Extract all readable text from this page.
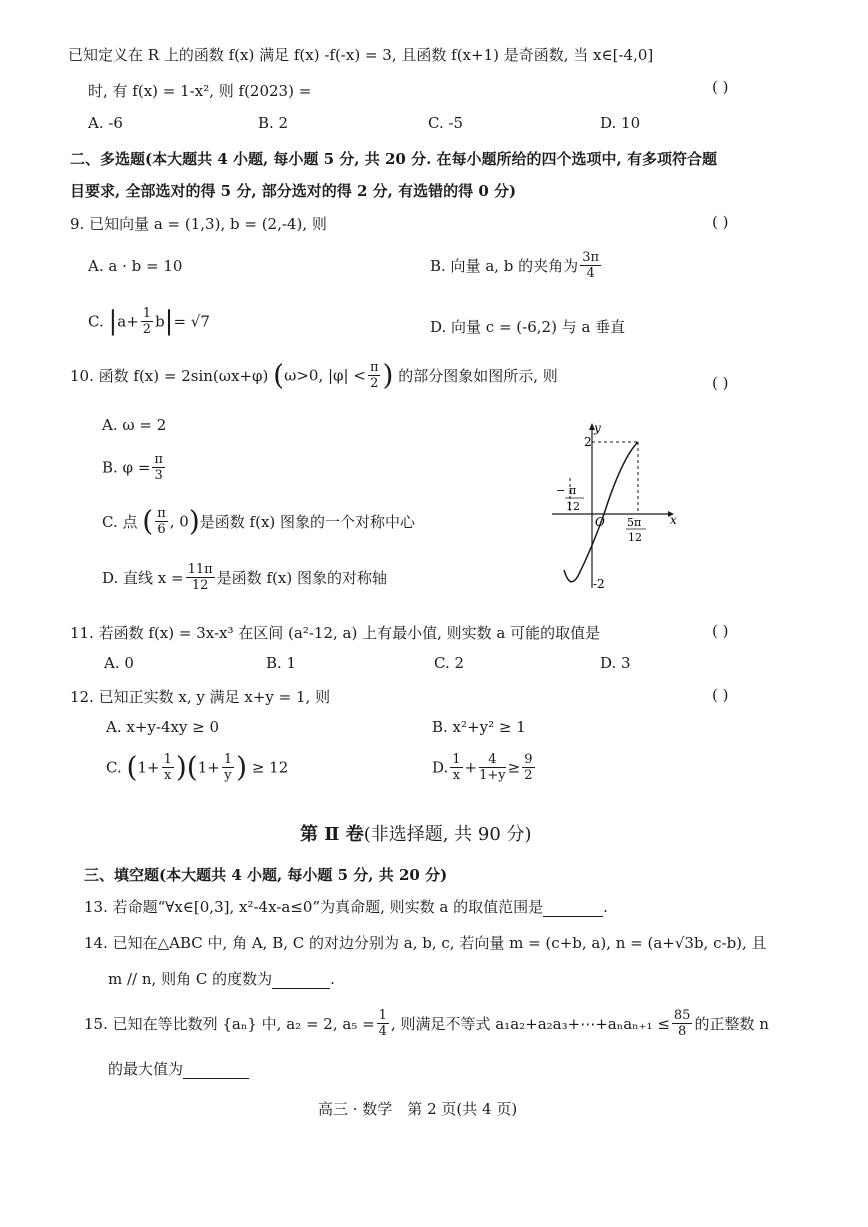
已知定义在 R 上的函数 f(x) 满足 f(x) -f(-x) = 3, 且函数 f(x+1) 是奇函数, 当 x∈[-4,0]
( )
时, 有 f(x) = 1-x², 则 f(2023) =
A. -6	B. 2	C. -5	D. 10
二、多选题(本大题共 4 小题, 每小题 5 分, 共 20 分. 在每小题所给的四个选项中, 有多项符合题
目要求, 全部选对的得 5 分, 部分选对的得 2 分, 有选错的得 0 分)
9. 已知向量 a = (1,3), b = (2,-4), 则	( )
A. a · b = 10	B. 向量 a, b 的夹角为 $\frac{3\pi}{4}$
C. $|a+ \frac{1}{2} b|= √7$	D. 向量 c = (-6,2) 与 a 垂直
10. 函数 f(x) = 2sin(ωx+φ) (ω>0, $|\varphi| < \frac{\pi}{2}$ ) 的部分图象如图所示, 则	( )
A. ω = 2
B. $\varphi = \frac{\pi}{3}$
C. 点 ( $\frac{\pi}{6}$ , 0)是函数 f(x) 图象的一个对称中心
D. 直线 $x = \frac{11\pi}{12}$ 是函数 f(x) 图象的对称轴
y
x
2
-2
O
− π
12
5π
12
11. 若函数 f(x) = 3x-x³ 在区间 (a²-12, a) 上有最小值, 则实数 a 可能的取值是	( )
A. 0	B. 1	C. 2	D. 3
12. 已知正实数 x, y 满足 x+y = 1, 则	( )
A. x+y-4xy ≥ 0	B. x²+y² ≥ 1
C. $(1+ \frac{1}{x} )(1+ \frac{1}{y}$ ) ≥ 12	D. $\frac{1}{x} + \frac{4}{1+y} \ge \frac{9}{2}$
第 Ⅱ 卷(非选择题, 共 90 分)
三、填空题(本大题共 4 小题, 每小题 5 分, 共 20 分)
13. 若命题“∀x∈[0,3], x²-4x-a≤0”为真命题, 则实数 a 的取值范围是	.
14. 已知在△ABC 中, 角 A, B, C 的对边分别为 a, b, c, 若向量 m = (c+b, a), n = (a+√3b, c-b), 且
m // n, 则角 C 的度数为	.
15. 已知在等比数列 {aₙ} 中, a₂ = 2, $a_5 = \frac{1}{4}$ , 则满足不等式 a₁a₂+a₂a₃+⋯+aₙaₙ₊₁ ≤ $\frac{85}{8}$ 的正整数 n
的最大值为
高三 · 数学　第 2 页(共 4 页)
